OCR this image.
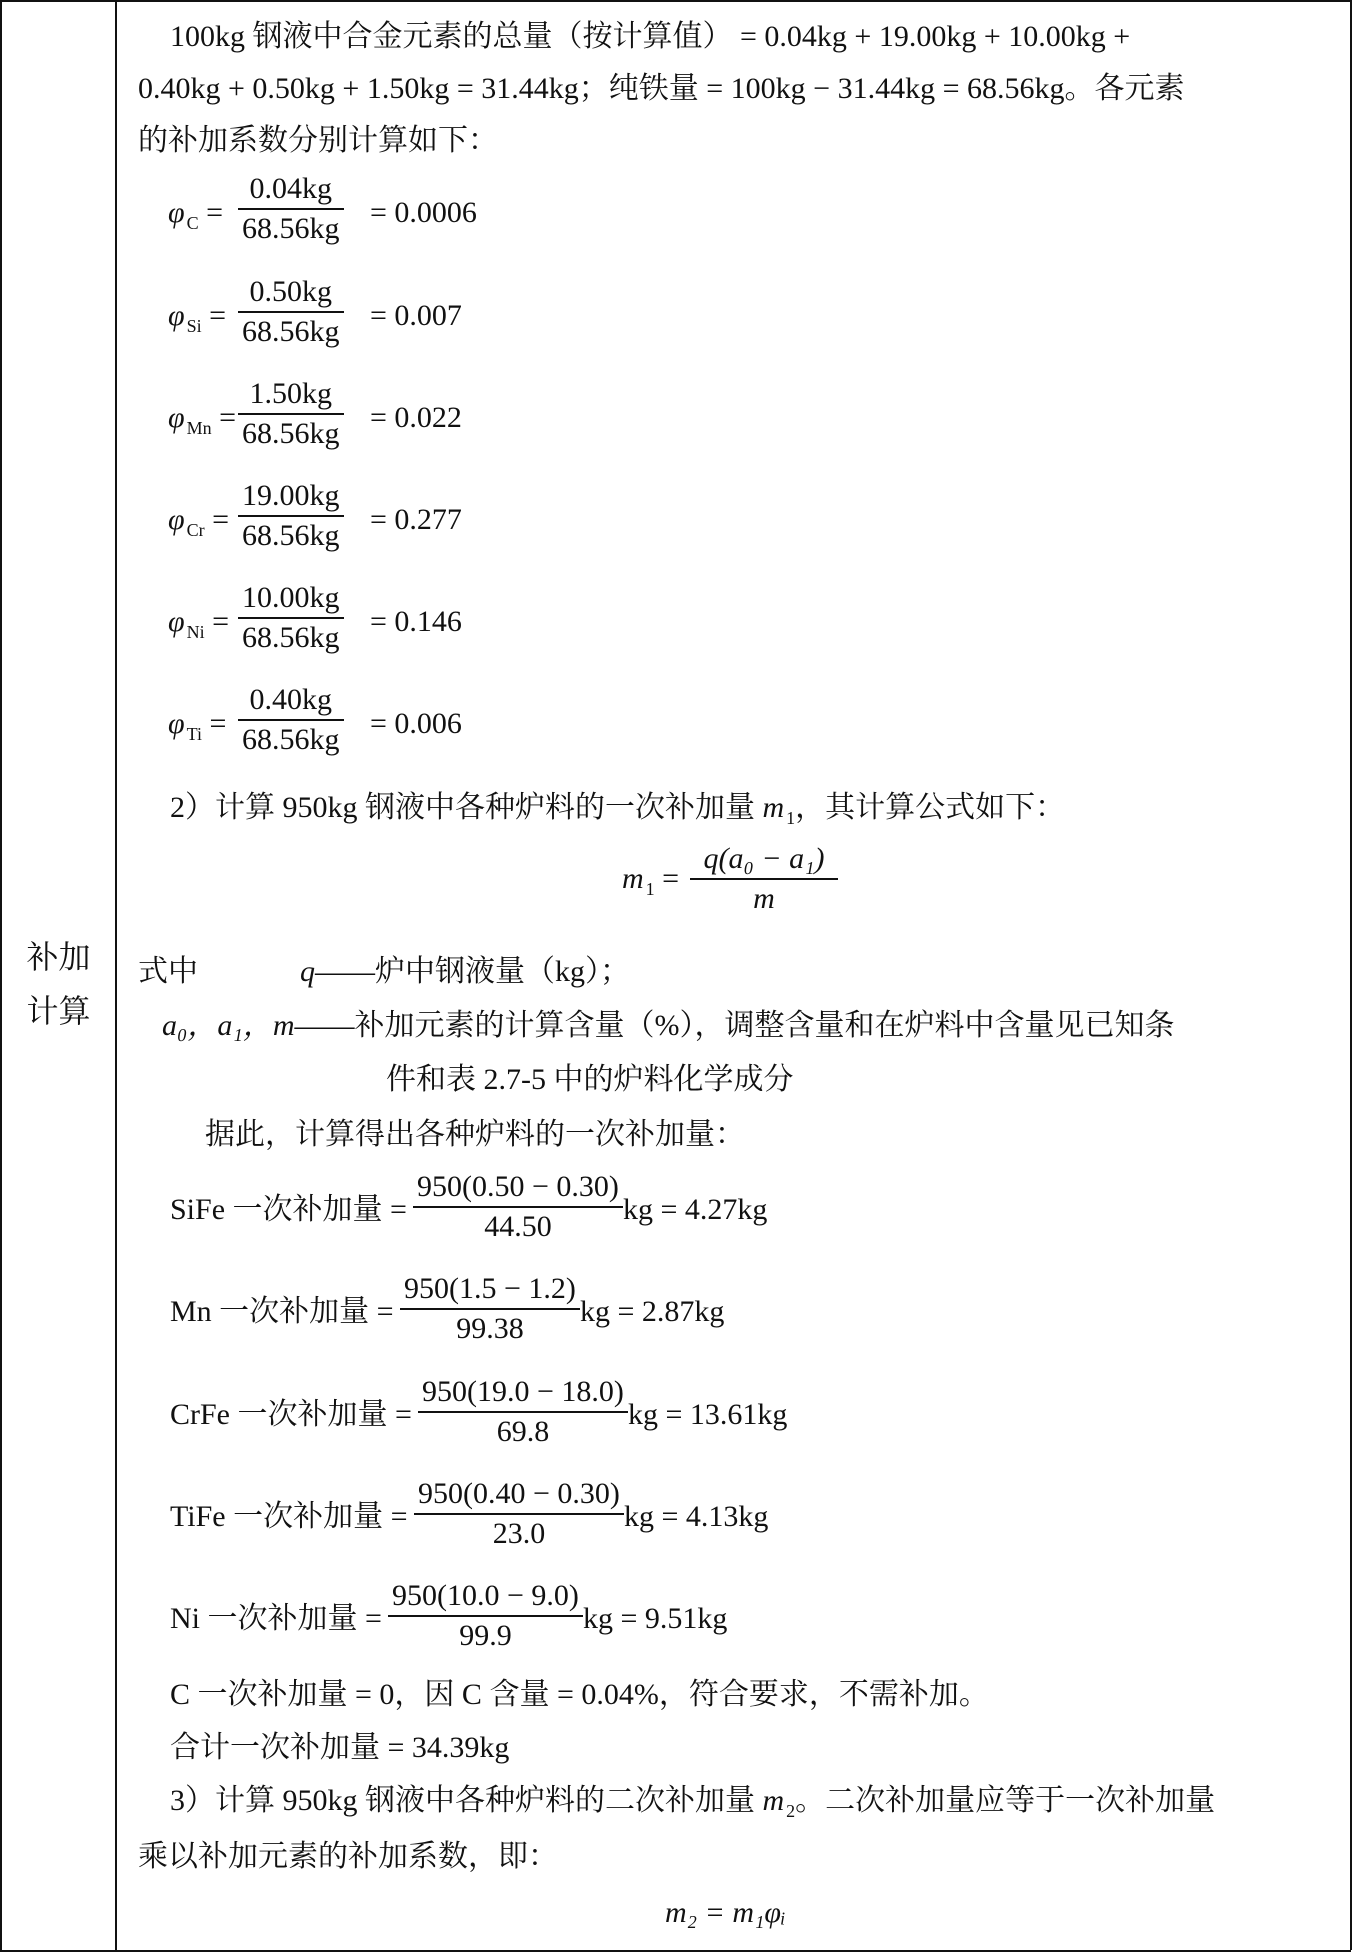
补加
计算
100kg 钢液中合金元素的总量（按计算值） = 0.04kg + 19.00kg + 10.00kg +
0.40kg + 0.50kg + 1.50kg = 31.44kg；纯铁量 = 100kg − 31.44kg = 68.56kg。各元素
的补加系数分别计算如下：
φ $_C = \frac{0.04kg}{68.56kg} = 0.0006$
φ $_{Si} = \frac{0.50kg}{68.56kg} = 0.007$
φ $_{Mn} = \frac{1.50kg}{68.56kg} = 0.022$
φ $_{Cr} = \frac{19.00kg}{68.56kg} = 0.277$
φ $_{Ni} = \frac{10.00kg}{68.56kg} = 0.146$
φ $_{Ti} = \frac{0.40kg}{68.56kg} = 0.006$
2）计算 950kg 钢液中各种炉料的一次补加量 m $_1$，其计算公式如下：
m $_1 = \frac{\text{q(a₀ − a₁)}}{m}$
式中	q——炉中钢液量（kg）；
a₀，a₁，m——补加元素的计算含量（%），调整含量和在炉料中含量见已知条
件和表 2.7-5 中的炉料化学成分
据此，计算得出各种炉料的一次补加量：
SiFe 一次补加量 = $\frac{950(0.50 - 0.30)}{44.50}$ kg = 4.27kg
Mn 一次补加量 = $\frac{950(1.5 - 1.2)}{99.38}$ kg = 2.87kg
CrFe 一次补加量 = $\frac{950(19.0 - 18.0)}{69.8}$ kg = 13.61kg
TiFe 一次补加量 = $\frac{950(0.40 - 0.30)}{23.0}$ kg = 4.13kg
Ni 一次补加量 = $\frac{950(10.0 - 9.0)}{99.9}$ kg = 9.51kg
C 一次补加量 = 0，因 C 含量 = 0.04%，符合要求，不需补加。
合计一次补加量 = 34.39kg
3）计算 950kg 钢液中各种炉料的二次补加量 m $_2$。二次补加量应等于一次补加量
乘以补加元素的补加系数，即：
m₂ = m₁φᵢ
